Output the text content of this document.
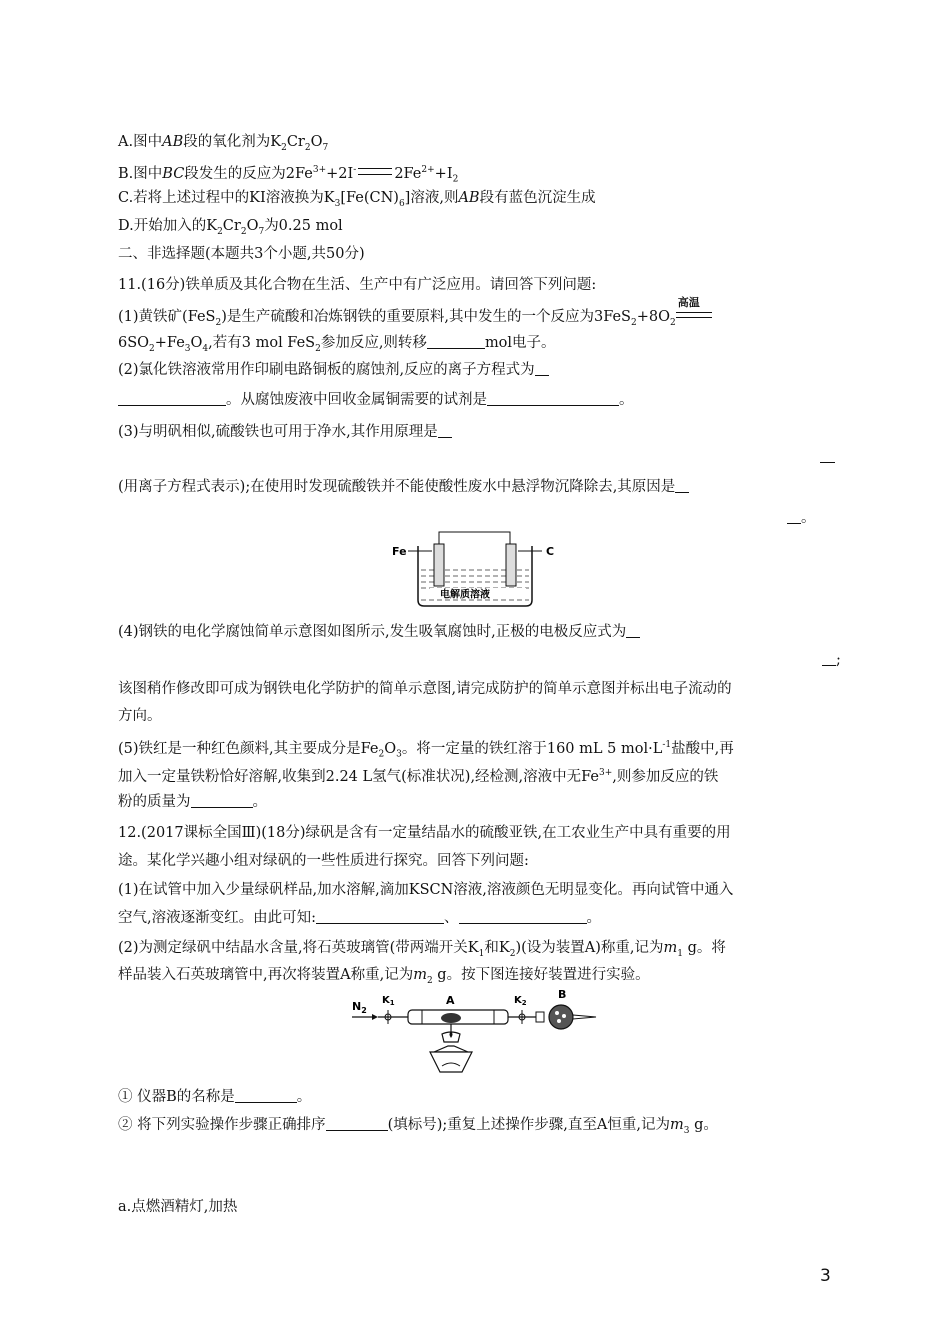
A.图中AB段的氧化剂为$K_2Cr_2O_7$
B.图中BC段发生的反应为$2Fe^{3+}+2I^-$	$2Fe^{2+}+I_2$
C.若将上述过程中的KI溶液换为$K_3[Fe(CN)_6]$溶液,则AB段有蓝色沉淀生成
D.开始加入的$K_2Cr_2O_7$为0.25 mol
二、非选择题(本题共3个小题,共50分)
11.(16分)铁单质及其化合物在生活、生产中有广泛应用。请回答下列问题:
(1)黄铁矿(FeS$_2$)是生产硫酸和冶炼钢铁的重要原料,其中发生的一个反应为$3FeS_2+8O_2$
高温
$6SO_2+Fe_3O_4$,若有3 mol FeS$_2$参加反应,则转移	mol电子。
(2)氯化铁溶液常用作印刷电路铜板的腐蚀剂,反应的离子方程式为
。从腐蚀废液中回收金属铜需要的试剂是	。
(3)与明矾相似,硫酸铁也可用于净水,其作用原理是
(用离子方程式表示);在使用时发现硫酸铁并不能使酸性废水中悬浮物沉降除去,其原因是
。
Fe	C
电解质溶液
(4)钢铁的电化学腐蚀简单示意图如图所示,发生吸氧腐蚀时,正极的电极反应式为
;
该图稍作修改即可成为钢铁电化学防护的简单示意图,请完成防护的简单示意图并标出电子流动的
方向。
(5)铁红是一种红色颜料,其主要成分是$Fe_2O_3$。将一定量的铁红溶于160 mL 5 $mol\cdot L^{-1}$盐酸中,再
加入一定量铁粉恰好溶解,收集到2.24 L氢气(标准状况),经检测,溶液中无$Fe^{3+}$,则参加反应的铁
粉的质量为	。
12.(2017课标全国Ⅲ)(18分)绿矾是含有一定量结晶水的硫酸亚铁,在工农业生产中具有重要的用
途。某化学兴趣小组对绿矾的一些性质进行探究。回答下列问题:
(1)在试管中加入少量绿矾样品,加水溶解,滴加KSCN溶液,溶液颜色无明显变化。再向试管中通入
空气,溶液逐渐变红。由此可知:	、	。
(2)为测定绿矾中结晶水含量,将石英玻璃管(带两端开关$K_1$和$K_2$)(设为装置A)称重,记为$m_1$ g。将
样品装入石英玻璃管中,再次将装置A称重,记为$m_2$ g。按下图连接好装置进行实验。
$N_2$
$K_1$	A	$K_2$
B
① 仪器B的名称是	。
② 将下列实验操作步骤正确排序	(填标号);重复上述操作步骤,直至A恒重,记为$m_3$ g。
a.点燃酒精灯,加热
3
